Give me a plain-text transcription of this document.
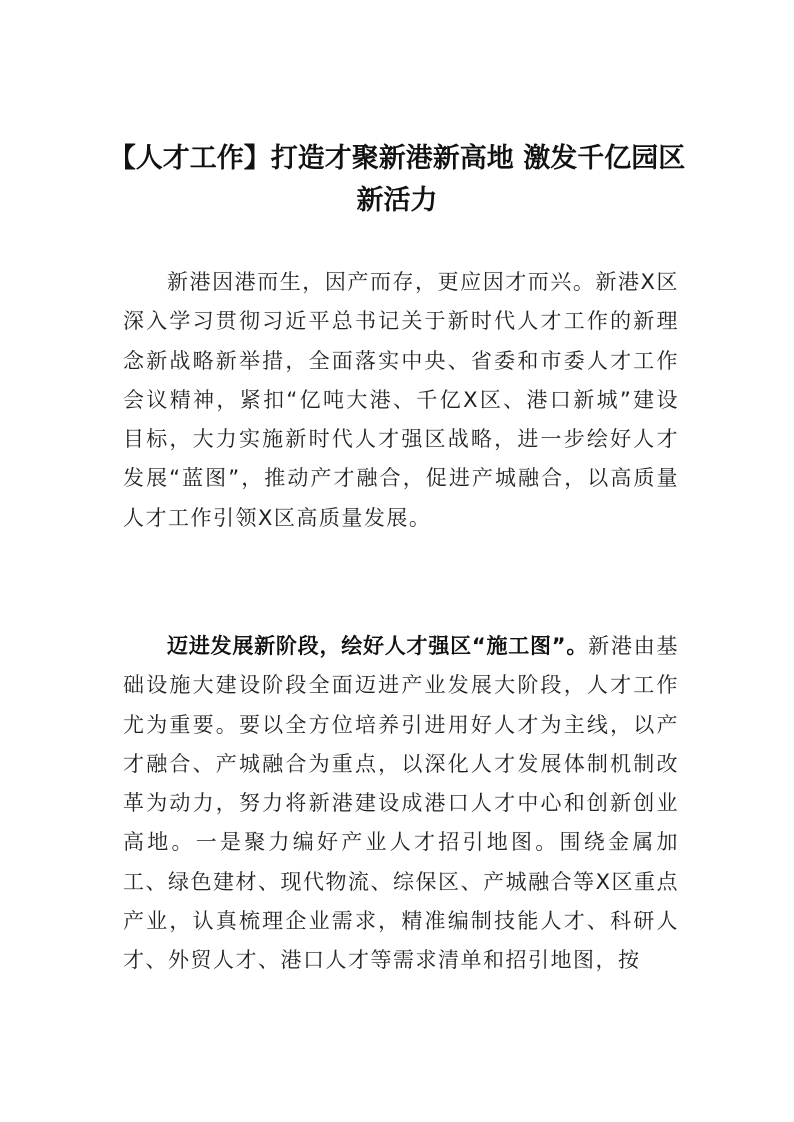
【人才工作】打造才聚新港新高地 激发千亿园区新活力

新港因港而生，因产而存，更应因才而兴。新港X区深入学习贯彻习近平总书记关于新时代人才工作的新理念新战略新举措，全面落实中央、省委和市委人才工作会议精神，紧扣“亿吨大港、千亿X区、港口新城”建设目标，大力实施新时代人才强区战略，进一步绘好人才发展“蓝图”，推动产才融合，促进产城融合，以高质量人才工作引领X区高质量发展。

迈进发展新阶段，绘好人才强区“施工图”。新港由基础设施大建设阶段全面迈进产业发展大阶段，人才工作尤为重要。要以全方位培养引进用好人才为主线，以产才融合、产城融合为重点，以深化人才发展体制机制改革为动力，努力将新港建设成港口人才中心和创新创业高地。一是聚力编好产业人才招引地图。围绕金属加工、绿色建材、现代物流、综保区、产城融合等X区重点产业，认真梳理企业需求，精准编制技能人才、科研人才、外贸人才、港口人才等需求清单和招引地图，按
